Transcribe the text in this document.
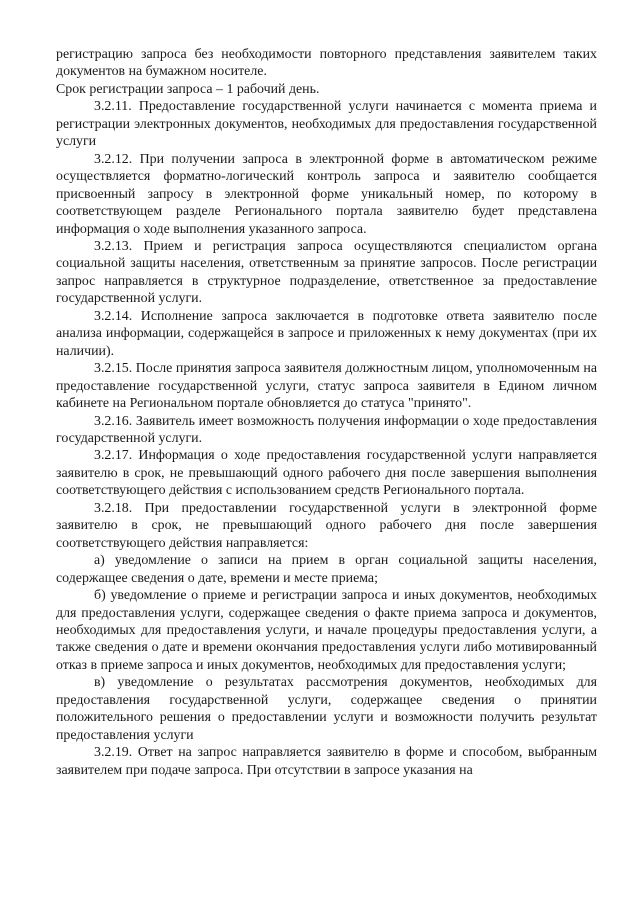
регистрацию запроса без необходимости повторного представления заявителем таких документов на бумажном носителе.

Срок регистрации запроса – 1 рабочий день.

3.2.11. Предоставление государственной услуги начинается с момента приема и регистрации электронных документов, необходимых для предоставления государственной услуги

3.2.12. При получении запроса в электронной форме в автоматическом режиме осуществляется форматно-логический контроль запроса и заявителю сообщается присвоенный запросу в электронной форме уникальный номер, по которому в соответствующем разделе Регионального портала заявителю будет представлена информация о ходе выполнения указанного запроса.

3.2.13. Прием и регистрация запроса осуществляются специалистом органа социальной защиты населения, ответственным за принятие запросов. После регистрации запрос направляется в структурное подразделение, ответственное за предоставление государственной услуги.

3.2.14. Исполнение запроса заключается в подготовке ответа заявителю после анализа информации, содержащейся в запросе и приложенных к нему документах (при их наличии).

3.2.15. После принятия запроса заявителя должностным лицом, уполномоченным на предоставление государственной услуги, статус запроса заявителя в Едином личном кабинете на Региональном портале обновляется до статуса "принято".

3.2.16. Заявитель имеет возможность получения информации о ходе предоставления государственной услуги.

3.2.17. Информация о ходе предоставления государственной услуги направляется заявителю в срок, не превышающий одного рабочего дня после завершения выполнения соответствующего действия с использованием средств Регионального портала.

3.2.18. При предоставлении государственной услуги в электронной форме заявителю в срок, не превышающий одного рабочего дня после завершения соответствующего действия направляется:

а) уведомление о записи на прием в орган социальной защиты населения, содержащее сведения о дате, времени и месте приема;

б) уведомление о приеме и регистрации запроса и иных документов, необходимых для предоставления услуги, содержащее сведения о факте приема запроса и документов, необходимых для предоставления услуги, и начале процедуры предоставления услуги, а также сведения о дате и времени окончания предоставления услуги либо мотивированный отказ в приеме запроса и иных документов, необходимых для предоставления услуги;

в) уведомление о результатах рассмотрения документов, необходимых для предоставления государственной услуги, содержащее сведения о принятии положительного решения о предоставлении услуги и возможности получить результат предоставления услуги

3.2.19. Ответ на запрос направляется заявителю в форме и способом, выбранным заявителем при подаче запроса. При отсутствии в запросе указания на
